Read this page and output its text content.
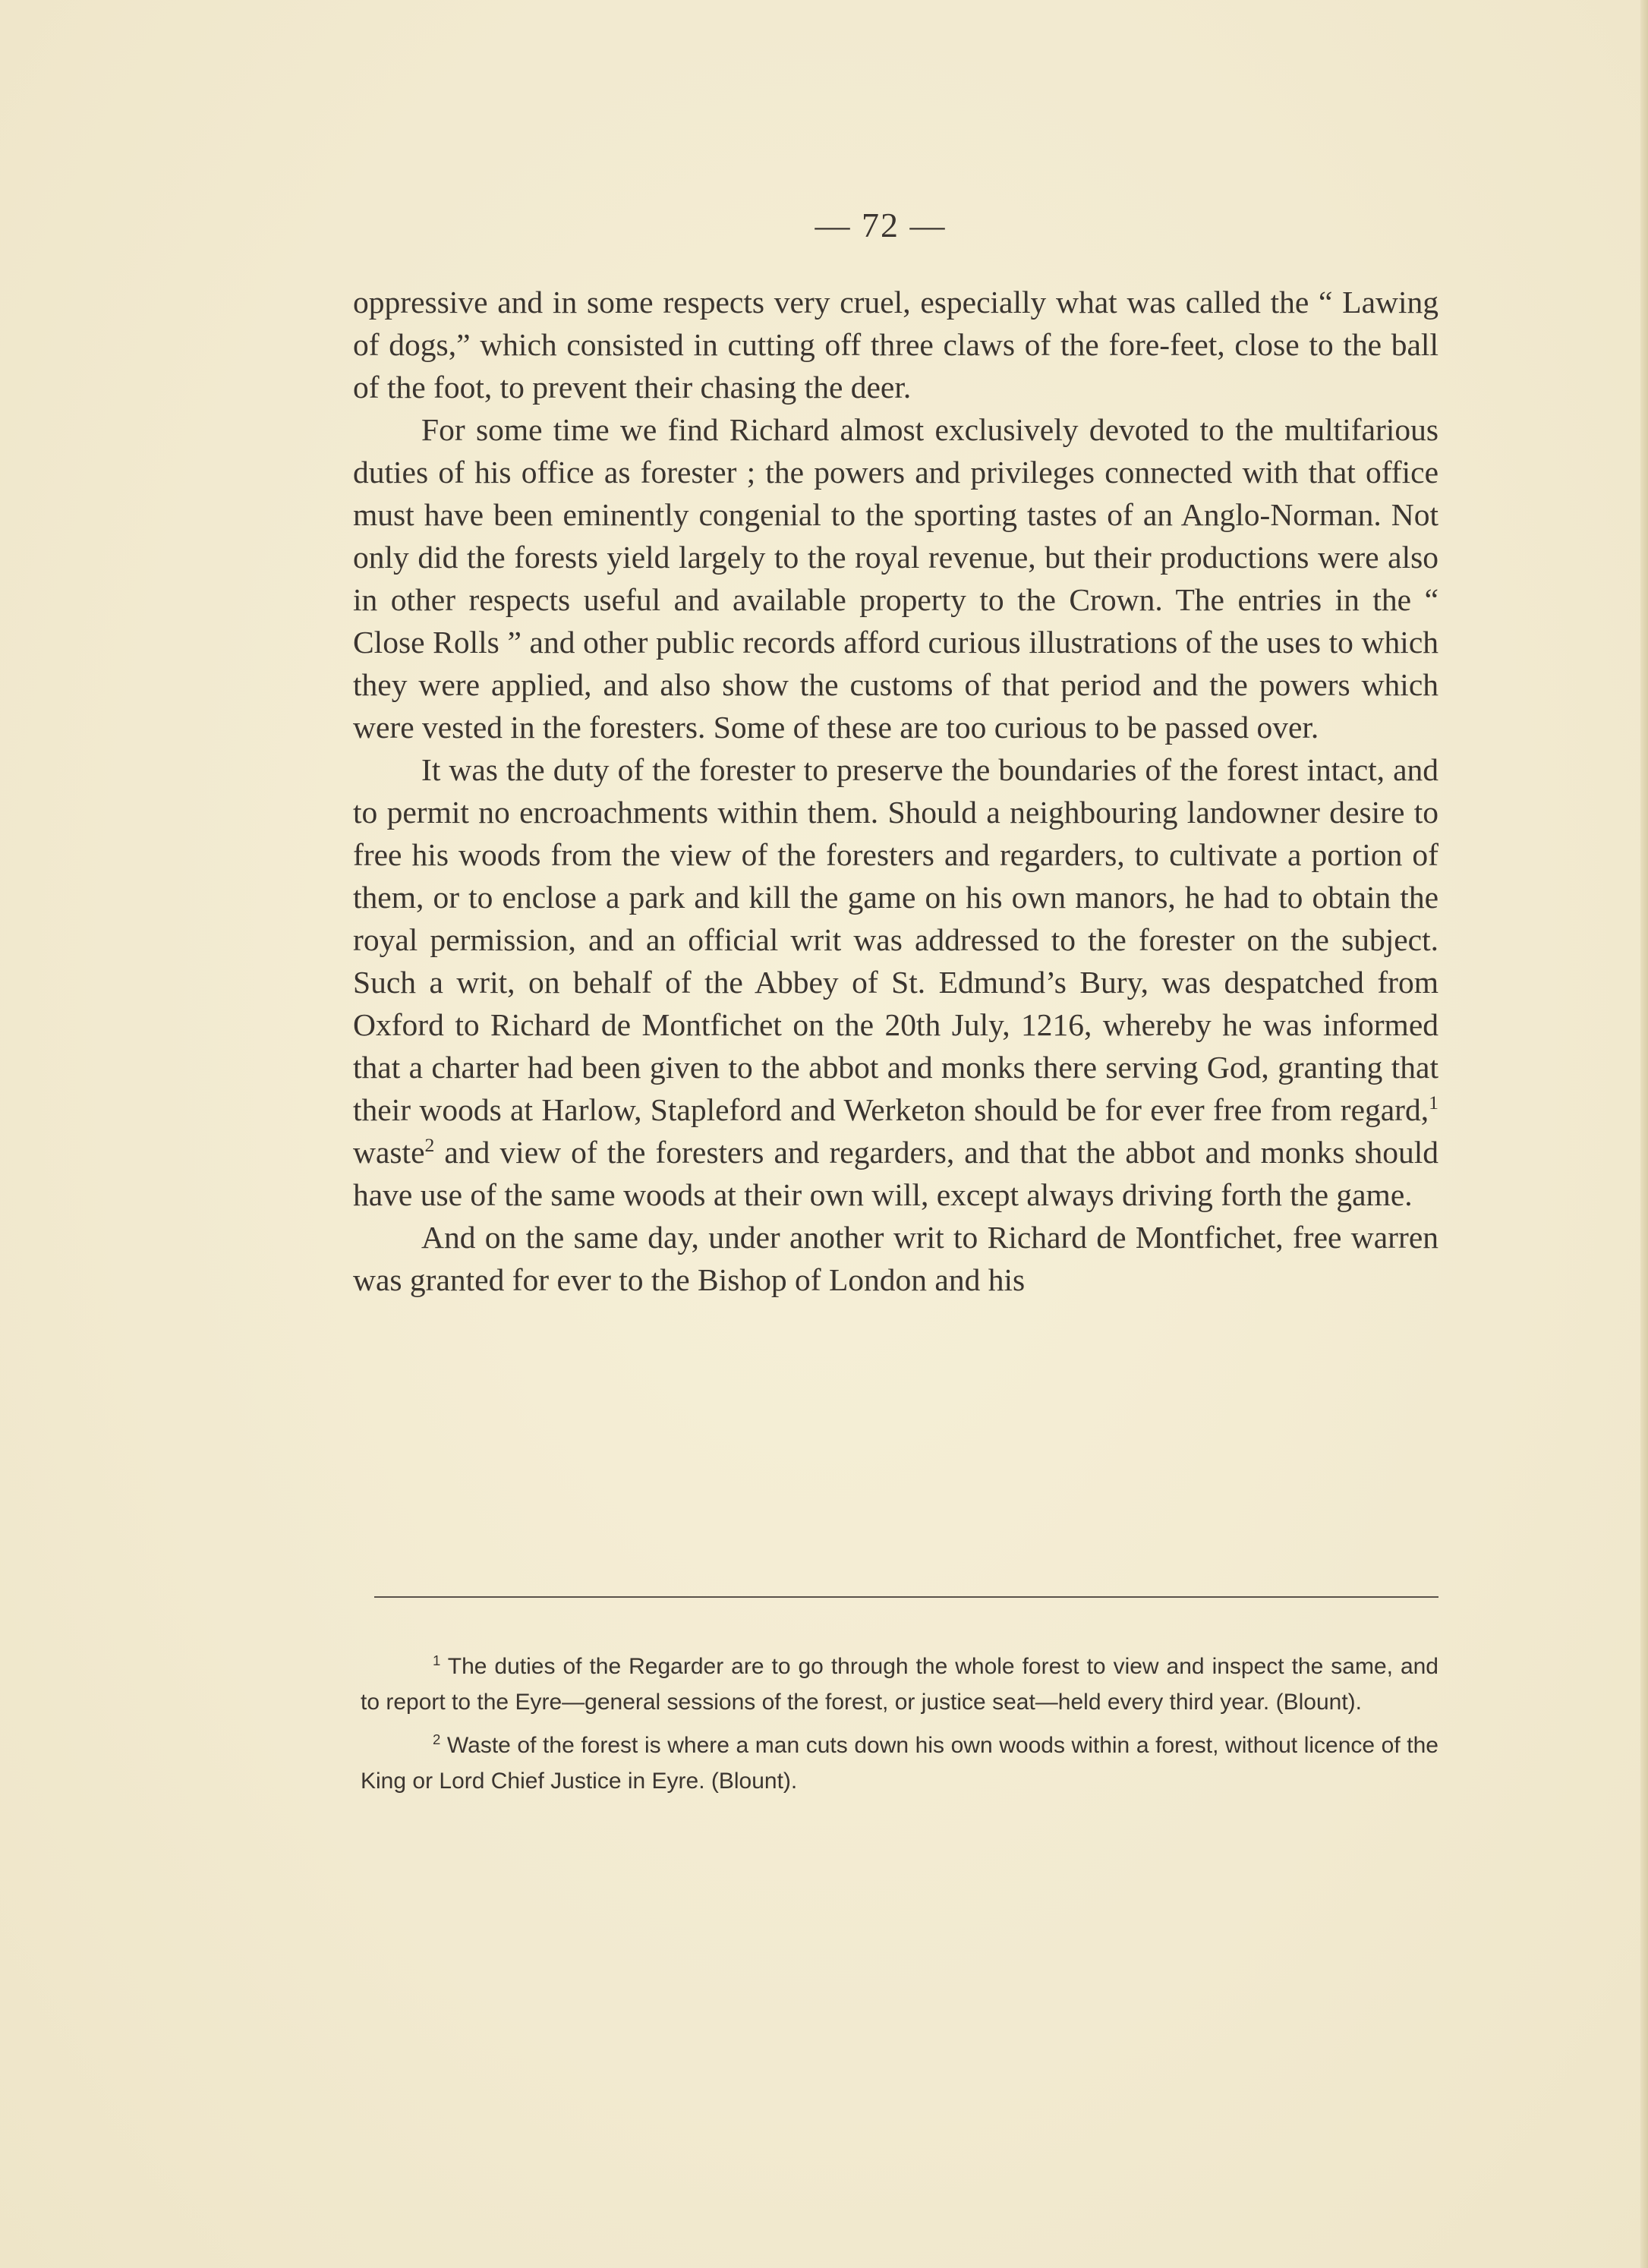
— 72 —

oppressive and in some respects very cruel, especially what was called the “ Lawing of dogs,” which consisted in cutting off three claws of the fore-feet, close to the ball of the foot, to prevent their chasing the deer.

For some time we find Richard almost exclusively devoted to the multifarious duties of his office as forester ; the powers and privileges connected with that office must have been eminently congenial to the sporting tastes of an Anglo-Norman. Not only did the forests yield largely to the royal revenue, but their productions were also in other respects useful and available property to the Crown. The entries in the “ Close Rolls ” and other public records afford curious illustrations of the uses to which they were applied, and also show the customs of that period and the powers which were vested in the foresters. Some of these are too curious to be passed over.

It was the duty of the forester to preserve the boundaries of the forest intact, and to permit no encroachments within them. Should a neighbouring landowner desire to free his woods from the view of the foresters and regarders, to cultivate a portion of them, or to enclose a park and kill the game on his own manors, he had to obtain the royal permission, and an official writ was addressed to the forester on the subject. Such a writ, on behalf of the Abbey of St. Edmund’s Bury, was despatched from Oxford to Richard de Montfichet on the 20th July, 1216, whereby he was informed that a charter had been given to the abbot and monks there serving God, granting that their woods at Harlow, Stapleford and Werketon should be for ever free from regard,$^1$ waste$^2$ and view of the foresters and regarders, and that the abbot and monks should have use of the same woods at their own will, except always driving forth the game.

And on the same day, under another writ to Richard de Montfichet, free warren was granted for ever to the Bishop of London and his

$^1$ The duties of the Regarder are to go through the whole forest to view and inspect the same, and to report to the Eyre—general sessions of the forest, or justice seat—held every third year. (Blount).

$^2$ Waste of the forest is where a man cuts down his own woods within a forest, without licence of the King or Lord Chief Justice in Eyre. (Blount).
